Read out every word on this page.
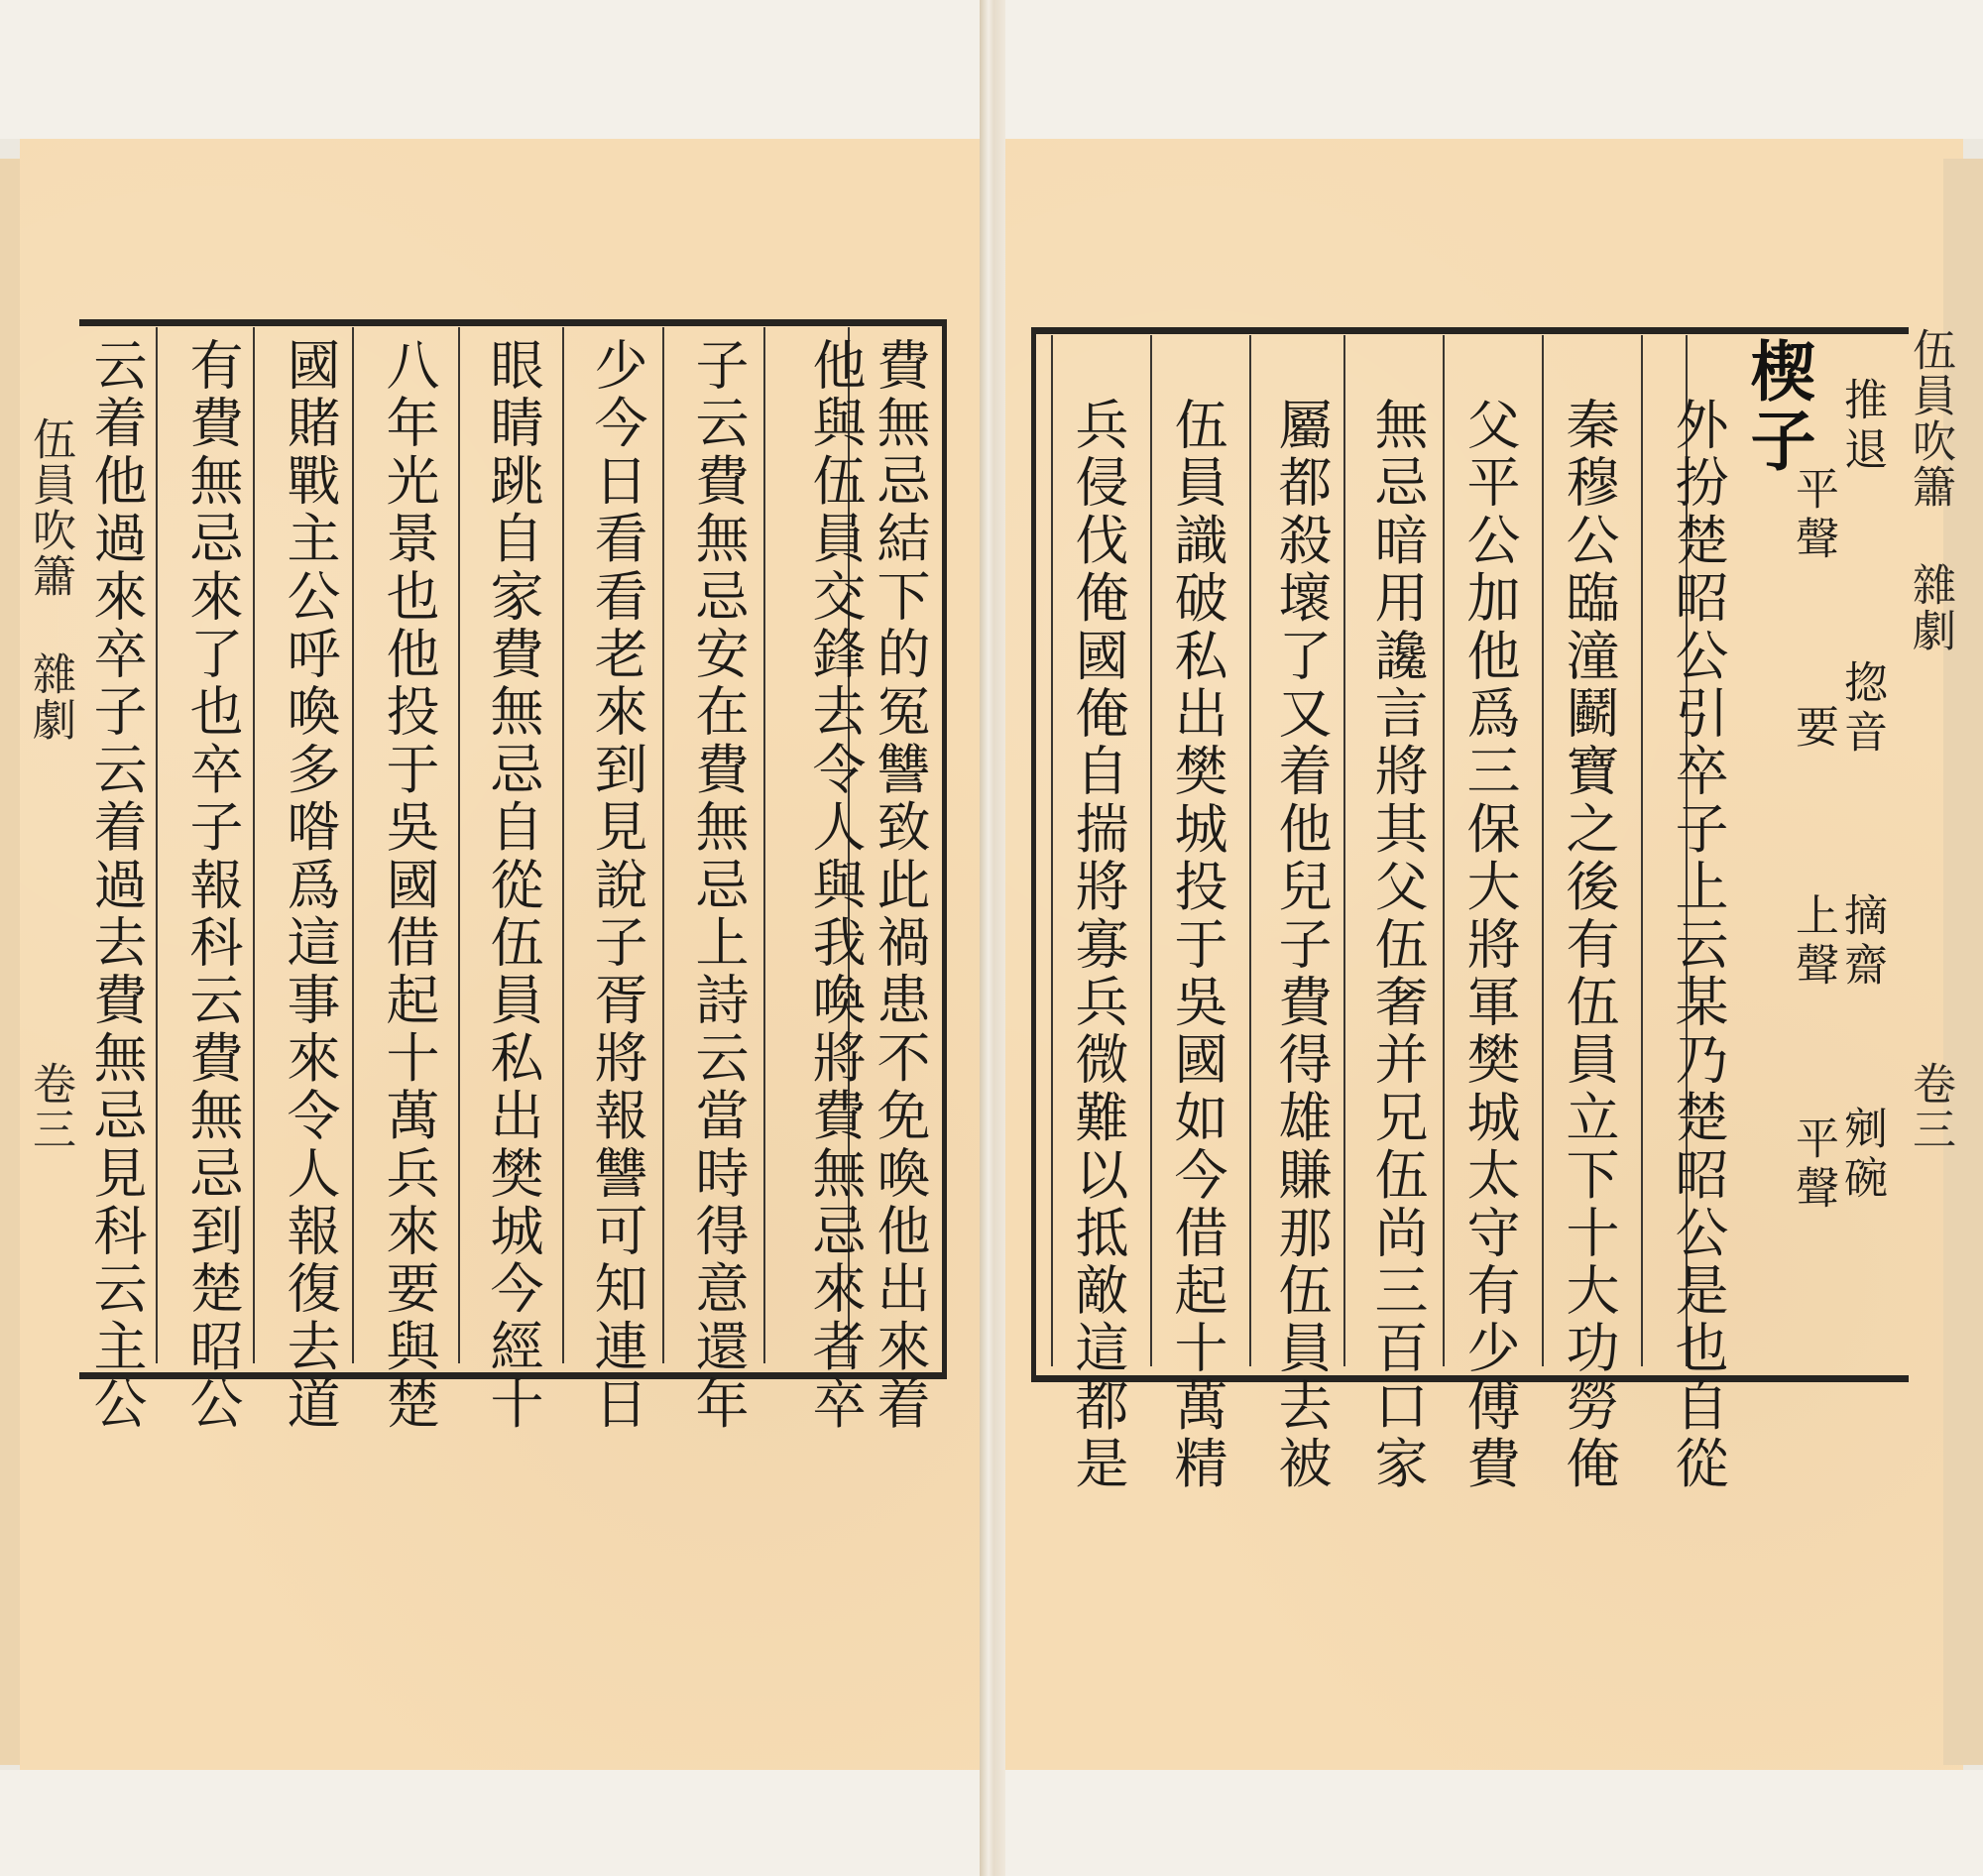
伍員吹簫 雜劇
卷三	費無忌結下的冤讐致此禍患不免喚他出來着
他與伍員交鋒去令人與我喚將費無忌來者卒
子云費無忌安在費無忌上詩云當時得意還年
少今日看看老來到見說子胥將報讐可知連日
眼睛跳自家費無忌自從伍員私出樊城今經十
八年光景也他投于吳國借起十萬兵來要與楚
國賭戰主公呼喚多喒爲這事來令人報復去道
有費無忌來了也卒子報科云費無忌到楚昭公
云着他過來卒子云着過去費無忌見科云主公	伍員吹簫 雜劇
卷三
楔子 推退
㧾音
摘齋
剜碗
平聲
要
上聲
平聲
外扮楚昭公引卒子上云某乃楚昭公是也自從
秦穆公臨潼鬬寶之後有伍員立下十大功勞俺
父平公加他爲三保大將軍樊城太守有少傅費
無忌暗用讒言將其父伍奢并兄伍尚三百口家
屬都殺壞了又着他兒子費得雄賺那伍員去被
伍員識破私出樊城投于吳國如今借起十萬精
兵侵伐俺國俺自揣將寡兵微難以抵敵這都是
